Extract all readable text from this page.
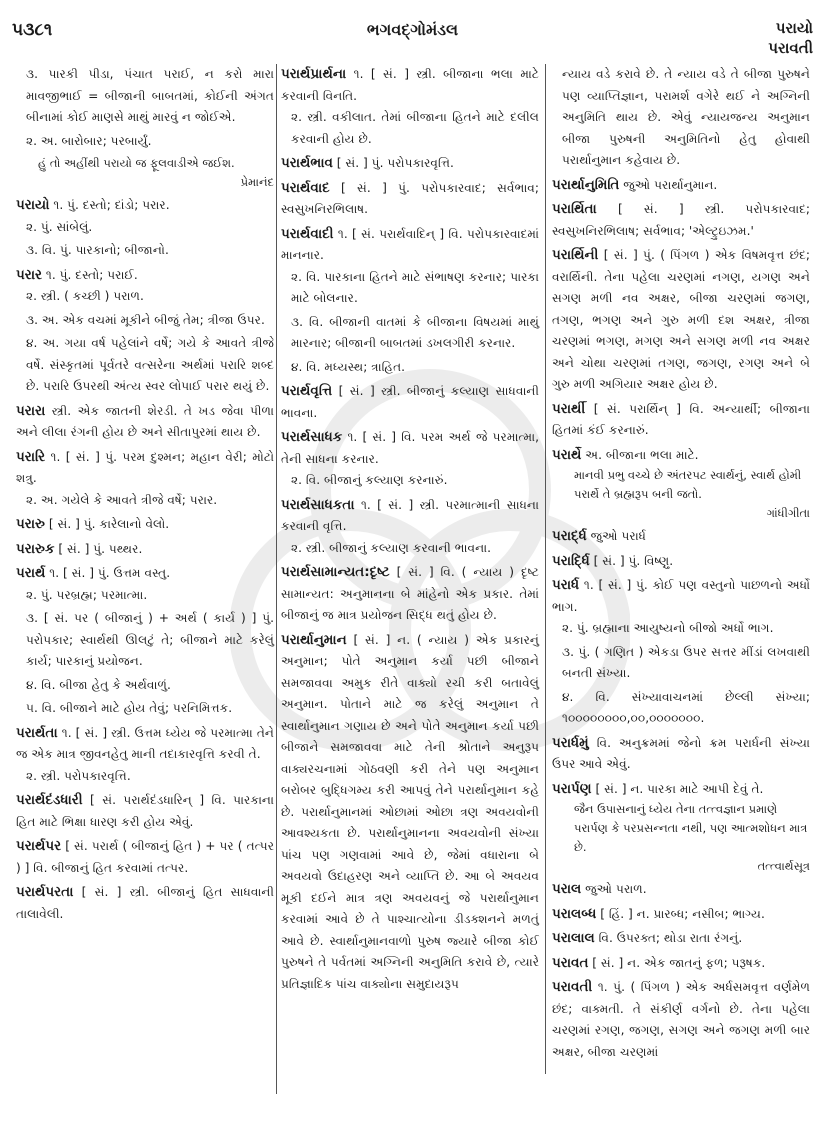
૫૩૮૧	ભગવદ્ગોમંડલ	પરાયો
પરાવતી
૩. પારકી પીડા, પંચાત પરાઈ, ન કરો મારા માવજીભાઈ = બીજાની બાબતમાં, કોઈની અંગત બીનામાં કોઈ માણસે માથું મારવું ન જોઈએ.
૨. અ. બારોબાર; પરબાર્યું.
હું તો અહીંથી પરાયો જ ફૂલવાડીએ જઈશ.
પ્રેમાનંદ
પરાયો ૧. પું. દસ્તો; દાંડો; પરાર.
૨. પું. સાંબેલું.
૩. વિ. પું. પારકાનો; બીજાનો.
પરાર ૧. પું. દસ્તો; પરાઈ.
૨. સ્ત્રી. ( કચ્છી ) પરાળ.
૩. અ. એક વચમાં મૂકીને બીજું તેમ; ત્રીજા ઉપર.
૪. અ. ગયા વર્ષ પહેલાંને વર્ષે; ગયે કે આવતે ત્રીજે વર્ષે. સંસ્કૃતમાં પૂર્વતરે વત્સરેના અર્થમાં પરારિ શબ્દ છે. પરારિ ઉપરથી અંત્ય સ્વર લોપાઈ પરાર થયું છે.
પરારા સ્ત્રી. એક જાતની શેરડી. તે ખડ જેવા પીળા અને લીલા રંગની હોય છે અને સીતાપુરમાં થાય છે.
પરારિ ૧. [ સં. ] પું. પરમ દુશ્મન; મહાન વેરી; મોટો શત્રુ.
૨. અ. ગયેલે કે આવતે ત્રીજે વર્ષે; પરાર.
પરારુ [ સં. ] પું. કારેલાનો વેલો.
પરારુક [ સં. ] પું. પથ્થર.
પરાર્થ ૧. [ સં. ] પું. ઉત્તમ વસ્તુ.
૨. પું. પરબ્રહ્મ; પરમાત્મા.
૩. [ સં. પર ( બીજાનું ) + અર્થ ( કાર્ય ) ] પું. પરોપકાર; સ્વાર્થથી ઊલટું તે; બીજાને માટે કરેલું કાર્ય; પારકાનું પ્રયોજન.
૪. વિ. બીજા હેતુ કે અર્થવાળું.
૫. વિ. બીજાને માટે હોય તેવું; પરનિમિત્તક.
પરાર્થતા ૧. [ સં. ] સ્ત્રી. ઉત્તમ ધ્યેય જે પરમાત્મા તેને જ એક માત્ર જીવનહેતુ માની તદાકારવૃત્તિ કરવી તે.
૨. સ્ત્રી. પરોપકારવૃત્તિ.
પરાર્થદંડધારી [ સં. પરાર્થદંડધારિન્ ] વિ. પારકાના હિત માટે ભિક્ષા ધારણ કરી હોય એવું.
પરાર્થપર [ સં. પરાર્થ ( બીજાનું હિત ) + પર ( તત્પર ) ] વિ. બીજાનું હિત કરવામાં તત્પર.
પરાર્થપરતા [ સં. ] સ્ત્રી. બીજાનું હિત સાધવાની તાલાવેલી.
પરાર્થપ્રાર્થના ૧. [ સં. ] સ્ત્રી. બીજાના ભલા માટે કરવાની વિનતિ.
૨. સ્ત્રી. વકીલાત. તેમાં બીજાના હિતને માટે દલીલ કરવાની હોય છે.
પરાર્થભાવ [ સં. ] પું. પરોપકારવૃત્તિ.
પરાર્થવાદ [ સં. ] પું. પરોપકારવાદ; સર્વભાવ; સ્વસુખનિરભિલાષ.
પરાર્થવાદી ૧. [ સં. પરાર્થવાદિન્ ] વિ. પરોપકારવાદમાં માનનાર.
૨. વિ. પારકાના હિતને માટે સંભાષણ કરનાર; પારકા માટે બોલનાર.
૩. વિ. બીજાની વાતમાં કે બીજાના વિષયમાં માથું મારનાર; બીજાની બાબતમાં ડખલગીરી કરનાર.
૪. વિ. મધ્યસ્થ; ત્રાહિત.
પરાર્થવૃત્તિ [ સં. ] સ્ત્રી. બીજાનું કલ્યાણ સાધવાની ભાવના.
પરાર્થસાધક ૧. [ સં. ] વિ. પરમ અર્થ જે પરમાત્મા, તેની સાધના કરનાર.
૨. વિ. બીજાનું કલ્યાણ કરનારું.
પરાર્થસાધકતા ૧. [ સં. ] સ્ત્રી. પરમાત્માની સાધના કરવાની વૃત્તિ.
૨. સ્ત્રી. બીજાનું કલ્યાણ કરવાની ભાવના.
પરાર્થસામાન્યત:દૃષ્ટ [ સં. ] વિ. ( ન્યાય ) દૃષ્ટ સામાન્યત: અનુમાનના બે માંહેનો એક પ્રકાર. તેમાં બીજાનું જ માત્ર પ્રયોજન સિદ્ધ થતું હોય છે.
પરાર્થાનુમાન [ સં. ] ન. ( ન્યાય ) એક પ્રકારનું અનુમાન; પોતે અનુમાન કર્યા પછી બીજાને સમજાવવા અમુક રીતે વાક્યો રચી કરી બતાવેલું અનુમાન. પોતાને માટે જ કરેલું અનુમાન તે સ્વાર્થાનુમાન ગણાય છે અને પોતે અનુમાન કર્યા પછી બીજાને સમજાવવા માટે તેની શ્રોતાને અનુરૂપ વાક્યરચનામાં ગોઠવણી કરી તેને પણ અનુમાન બરોબર બુદ્ધિગમ્ય કરી આપવું તેને પરાર્થાનુમાન કહે છે. પરાર્થાનુમાનમાં ઓછામાં ઓછા ત્રણ અવયવોની આવશ્યકતા છે. પરાર્થાનુમાનના અવયવોની સંખ્યા પાંચ પણ ગણવામાં આવે છે, જેમાં વધારાના બે અવયવો ઉદાહરણ અને વ્યાપ્તિ છે. આ બે અવયવ મૂકી દઈને માત્ર ત્રણ અવયવનું જે પરાર્થાનુમાન કરવામાં આવે છે તે પાશ્ચાત્યોના ડીડક્શનને મળતું આવે છે. સ્વાર્થાનુમાનવાળો પુરુષ જ્યારે બીજા કોઈ પુરુષને તે પર્વતમાં અગ્નિની અનુમિતિ કરાવે છે, ત્યારે પ્રતિજ્ઞાદિક પાંચ વાક્યોના સમુદાયરૂપ
ન્યાય વડે કરાવે છે. તે ન્યાય વડે તે બીજા પુરુષને પણ વ્યાપ્તિજ્ઞાન, પરામર્શ વગેરે થઈ ને અગ્નિની અનુમિતિ થાય છે. એવું ન્યાયજન્ય અનુમાન બીજા પુરુષની અનુમિતિનો હેતુ હોવાથી પરાર્થાનુમાન કહેવાય છે.
પરાર્થાનુમિતિ જુઓ પરાર્થાનુમાન.
પરાર્થિતા [ સં. ] સ્ત્રી. પરોપકારવાદ; સ્વસુખનિરભિલાષ; સર્વભાવ; 'એલ્ટ્રુઇઝમ.'
પરાર્થિની [ સં. ] પું. ( પિંગળ ) એક વિષમવૃત્ત છંદ; વરાર્થિની. તેના પહેલા ચરણમાં નગણ, યગણ અને સગણ મળી નવ અક્ષર, બીજા ચરણમાં જગણ, તગણ, ભગણ અને ગુરુ મળી દશ અક્ષર, ત્રીજા ચરણમાં ભગણ, મગણ અને સગણ મળી નવ અક્ષર અને ચોથા ચરણમાં તગણ, જગણ, રગણ અને બે ગુરુ મળી અગિયાર અક્ષર હોય છે.
પરાર્થી [ સં. પરાર્થિન્ ] વિ. અન્યાર્થી; બીજાના હિતમાં કંઈ કરનારું.
પરાર્થે અ. બીજાના ભલા માટે.
માનવી પ્રભુ વચ્ચે છે અંતરપટ સ્વાર્થનું, સ્વાર્થ હોમી પરાર્થે તે બ્રહ્મરૂપ બની જતો.
ગાંધીગીતા
પરાર્દ્ધ જુઓ પરાર્ધ
પરાર્દ્ધિ [ સં. ] પું. વિષ્ણુ.
પરાર્ધ ૧. [ સં. ] પું. કોઈ પણ વસ્તુનો પાછળનો અર્ધો ભાગ.
૨. પું. બ્રહ્માના આયુષ્યનો બીજો અર્ધો ભાગ.
૩. પું. ( ગણિત ) એકડા ઉપર સત્તર મીંડાં લખવાથી બનતી સંખ્યા.
૪. વિ. સંખ્યાવાચનમાં છેલ્લી સંખ્યા; ૧૦૦૦૦૦૦૦૦,૦૦,૦૦૦૦૦૦૦.
પરાર્ધમું વિ. અનુક્રમમાં જેનો ક્રમ પરાર્ધની સંખ્યા ઉપર આવે એવું.
પરાર્પણ [ સં. ] ન. પારકા માટે આપી દેવું તે.
જૈન ઉપાસનાનું ધ્યેય તેના તત્ત્વજ્ઞાન પ્રમાણે પરાર્પણ કે પરપ્રસન્નતા નથી, પણ આત્મશોધન માત્ર છે.
તત્ત્વાર્થસૂત્ર
પરાલ જુઓ પરાળ.
પરાલબ્ધ [ હિં. ] ન. પ્રારબ્ધ; નસીબ; ભાગ્ય.
પરાલાલ વિ. ઉપરક્ત; થોડા રાતા રંગનું.
પરાવત [ સં. ] ન. એક જાતનું ફળ; પરૂષક.
પરાવતી ૧. પું. ( પિંગળ ) એક અર્ધસમવૃત્ત વર્ણમેળ છંદ; વાક્મતી. તે સંકીર્ણ વર્ગનો છે. તેના પહેલા ચરણમાં રગણ, જગણ, સગણ અને જગણ મળી બાર અક્ષર, બીજા ચરણમાં
